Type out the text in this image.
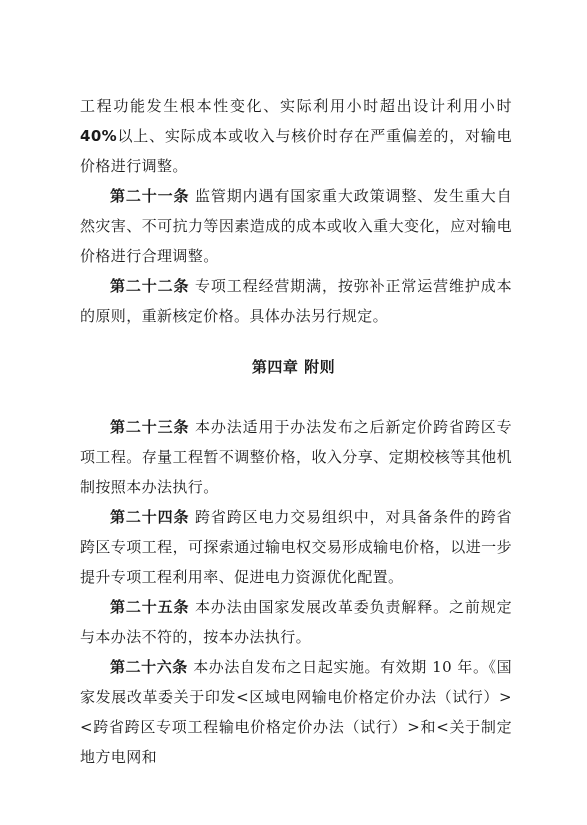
工程功能发生根本性变化、实际利用小时超出设计利用小时40%以上、实际成本或收入与核价时存在严重偏差的，对输电价格进行调整。

第二十一条 监管期内遇有国家重大政策调整、发生重大自然灾害、不可抗力等因素造成的成本或收入重大变化，应对输电价格进行合理调整。

第二十二条 专项工程经营期满，按弥补正常运营维护成本的原则，重新核定价格。具体办法另行规定。

第四章 附则

第二十三条 本办法适用于办法发布之后新定价跨省跨区专项工程。存量工程暂不调整价格，收入分享、定期校核等其他机制按照本办法执行。

第二十四条 跨省跨区电力交易组织中，对具备条件的跨省跨区专项工程，可探索通过输电权交易形成输电价格，以进一步提升专项工程利用率、促进电力资源优化配置。

第二十五条 本办法由国家发展改革委负责解释。之前规定与本办法不符的，按本办法执行。

第二十六条 本办法自发布之日起实施。有效期 10 年。《国家发展改革委关于印发<区域电网输电价格定价办法（试行）><跨省跨区专项工程输电价格定价办法（试行）>和<关于制定地方电网和
